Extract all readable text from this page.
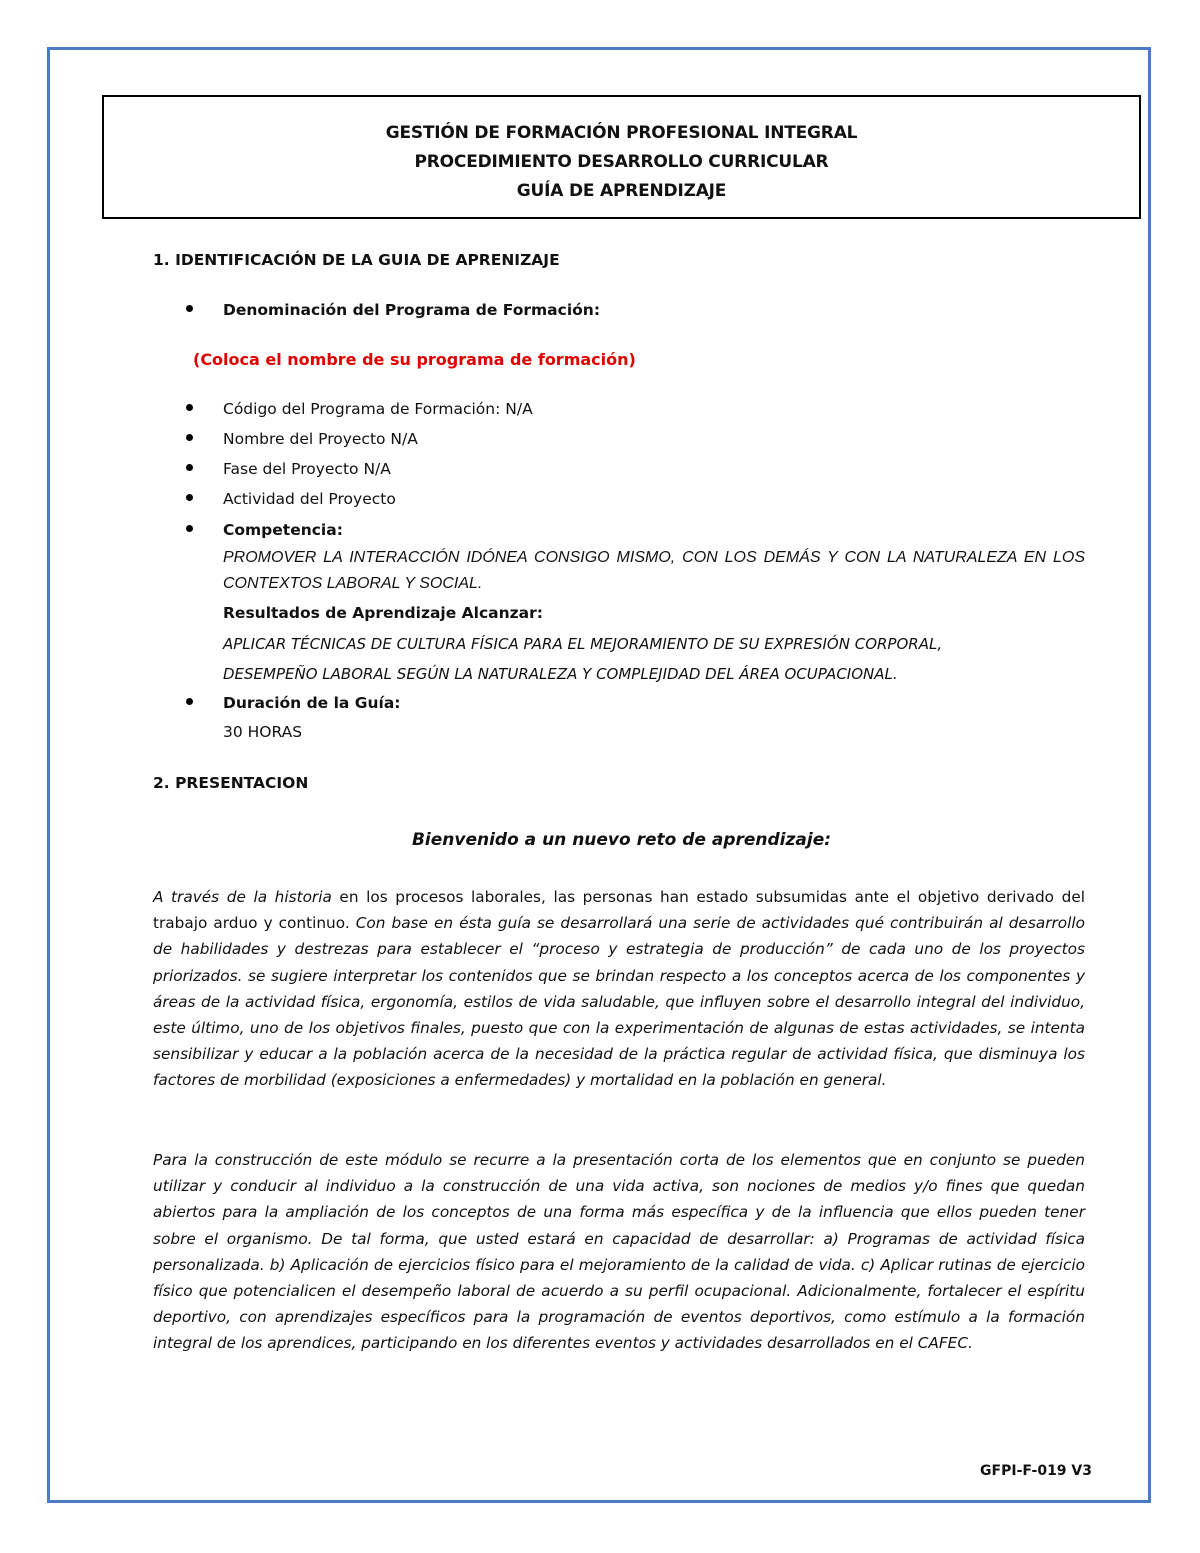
GESTIÓN DE FORMACIÓN PROFESIONAL INTEGRAL
PROCEDIMIENTO DESARROLLO CURRICULAR
GUÍA DE APRENDIZAJE
1. IDENTIFICACIÓN DE LA GUIA DE APRENIZAJE
Denominación del Programa de Formación:
(Coloca el nombre de su programa de formación)
Código del Programa de Formación: N/A
Nombre del Proyecto N/A
Fase del Proyecto N/A
Actividad del Proyecto
Competencia:
PROMOVER LA INTERACCIÓN IDÓNEA CONSIGO MISMO, CON LOS DEMÁS Y CON LA NATURALEZA EN LOS CONTEXTOS LABORAL Y SOCIAL.
Resultados de Aprendizaje Alcanzar:
APLICAR TÉCNICAS DE CULTURA FÍSICA PARA EL MEJORAMIENTO DE SU EXPRESIÓN CORPORAL,
DESEMPEÑO LABORAL SEGÚN LA NATURALEZA Y COMPLEJIDAD DEL ÁREA OCUPACIONAL.
Duración de la Guía:
30 HORAS
2. PRESENTACION
Bienvenido a un nuevo reto de aprendizaje:
A través de la historia en los procesos laborales, las personas han estado subsumidas ante el objetivo derivado del trabajo arduo y continuo. Con base en ésta guía se desarrollará una serie de actividades qué contribuirán al desarrollo de habilidades y destrezas para establecer el “proceso y estrategia de producción” de cada uno de los proyectos priorizados. se sugiere interpretar los contenidos que se brindan respecto a los conceptos acerca de los componentes y áreas de la actividad física, ergonomía, estilos de vida saludable, que influyen sobre el desarrollo integral del individuo, este último, uno de los objetivos finales, puesto que con la experimentación de algunas de estas actividades, se intenta sensibilizar y educar a la población acerca de la necesidad de la práctica regular de actividad física, que disminuya los factores de morbilidad (exposiciones a enfermedades) y mortalidad en la población en general.
Para la construcción de este módulo se recurre a la presentación corta de los elementos que en conjunto se pueden utilizar y conducir al individuo a la construcción de una vida activa, son nociones de medios y/o fines que quedan abiertos para la ampliación de los conceptos de una forma más específica y de la influencia que ellos pueden tener sobre el organismo. De tal forma, que usted estará en capacidad de desarrollar: a) Programas de actividad física personalizada. b) Aplicación de ejercicios físico para el mejoramiento de la calidad de vida. c) Aplicar rutinas de ejercicio físico que potencialicen el desempeño laboral de acuerdo a su perfil ocupacional. Adicionalmente, fortalecer el espíritu deportivo, con aprendizajes específicos para la programación de eventos deportivos, como estímulo a la formación integral de los aprendices, participando en los diferentes eventos y actividades desarrollados en el CAFEC.
GFPI-F-019 V3
